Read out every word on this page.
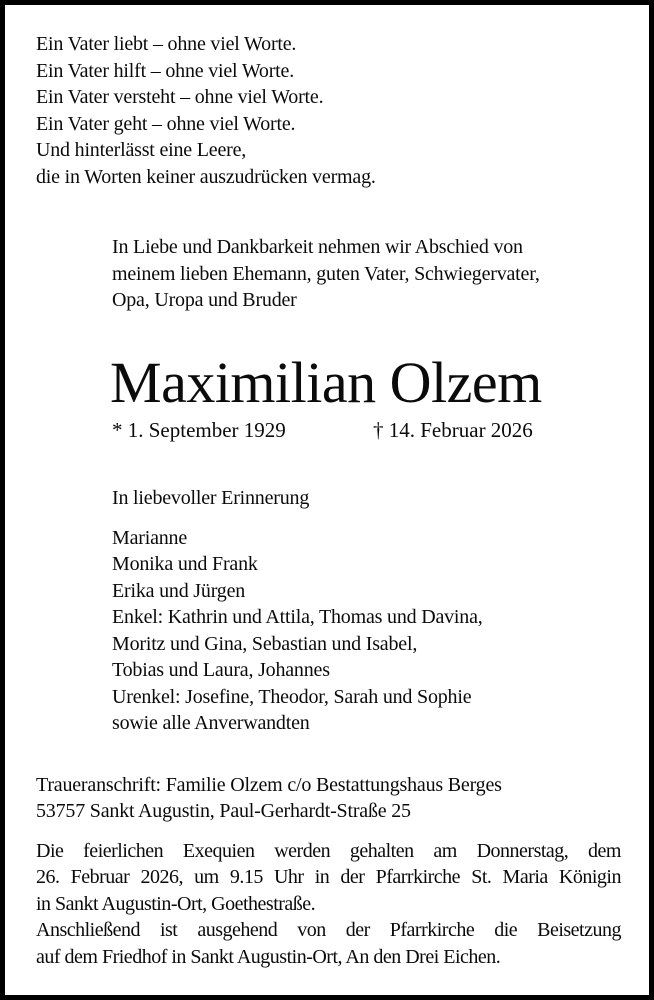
Ein Vater liebt – ohne viel Worte.
Ein Vater hilft – ohne viel Worte.
Ein Vater versteht – ohne viel Worte.
Ein Vater geht – ohne viel Worte.
Und hinterlässt eine Leere,
die in Worten keiner auszudrücken vermag.
In Liebe und Dankbarkeit nehmen wir Abschied von
meinem lieben Ehemann, guten Vater, Schwiegervater,
Opa, Uropa und Bruder
Maximilian Olzem
* 1. September 1929	† 14. Februar 2026
In liebevoller Erinnerung
Marianne
Monika und Frank
Erika und Jürgen
Enkel: Kathrin und Attila, Thomas und Davina,
Moritz und Gina, Sebastian und Isabel,
Tobias und Laura, Johannes
Urenkel: Josefine, Theodor, Sarah und Sophie
sowie alle Anverwandten
Traueranschrift: Familie Olzem c/o Bestattungshaus Berges
53757 Sankt Augustin, Paul-Gerhardt-Straße 25
Die feierlichen Exequien werden gehalten am Donnerstag, dem
26. Februar 2026, um 9.15 Uhr in der Pfarrkirche St. Maria Königin
in Sankt Augustin-Ort, Goethestraße.
Anschließend ist ausgehend von der Pfarrkirche die Beisetzung
auf dem Friedhof in Sankt Augustin-Ort, An den Drei Eichen.
